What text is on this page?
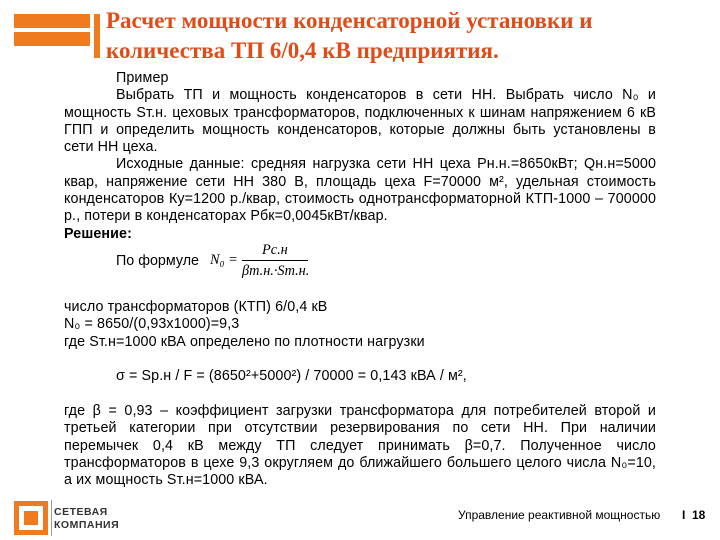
Расчет мощности конденсаторной установки и количества ТП 6/0,4 кВ предприятия.

Пример

Выбрать ТП и мощность конденсаторов в сети НН. Выбрать число N₀ и мощность Sт.н. цеховых трансформаторов, подключенных к шинам напряжением 6 кВ ГПП и определить мощность конденсаторов, которые должны быть установлены в сети НН цеха.

Исходные данные: средняя нагрузка сети НН цеха Рн.н.=8650кВт; Qн.н=5000 квар, напряжение сети НН 380 В, площадь цеха F=70000 м², удельная стоимость конденсаторов Ку=1200 р./квар, стоимость однотрансформаторной КТП-1000 – 700000 р., потери в конденсаторах Рбк=0,0045кВт/квар.

Решение:

По формуле N₀ =
Pс.н
βт.н.·Sт.н.

число трансформаторов (КТП) 6/0,4 кВ

N₀ = 8650/(0,93х1000)=9,3

где Sт.н=1000 кВА определено по плотности нагрузки

σ = Sр.н / F = (8650²+5000²) / 70000 = 0,143 кВА / м²,

где β = 0,93 – коэффициент загрузки трансформатора для потребителей второй и третьей категории при отсутствии резервирования по сети НН. При наличии перемычек 0,4 кВ между ТП следует принимать β=0,7. Полученное число трансформаторов в цехе 9,3 округляем до ближайшего большего целого числа N₀=10, а их мощность Sт.н=1000 кВА.

СЕТЕВАЯ
КОМПАНИЯ
Управление реактивной мощностью I 18
